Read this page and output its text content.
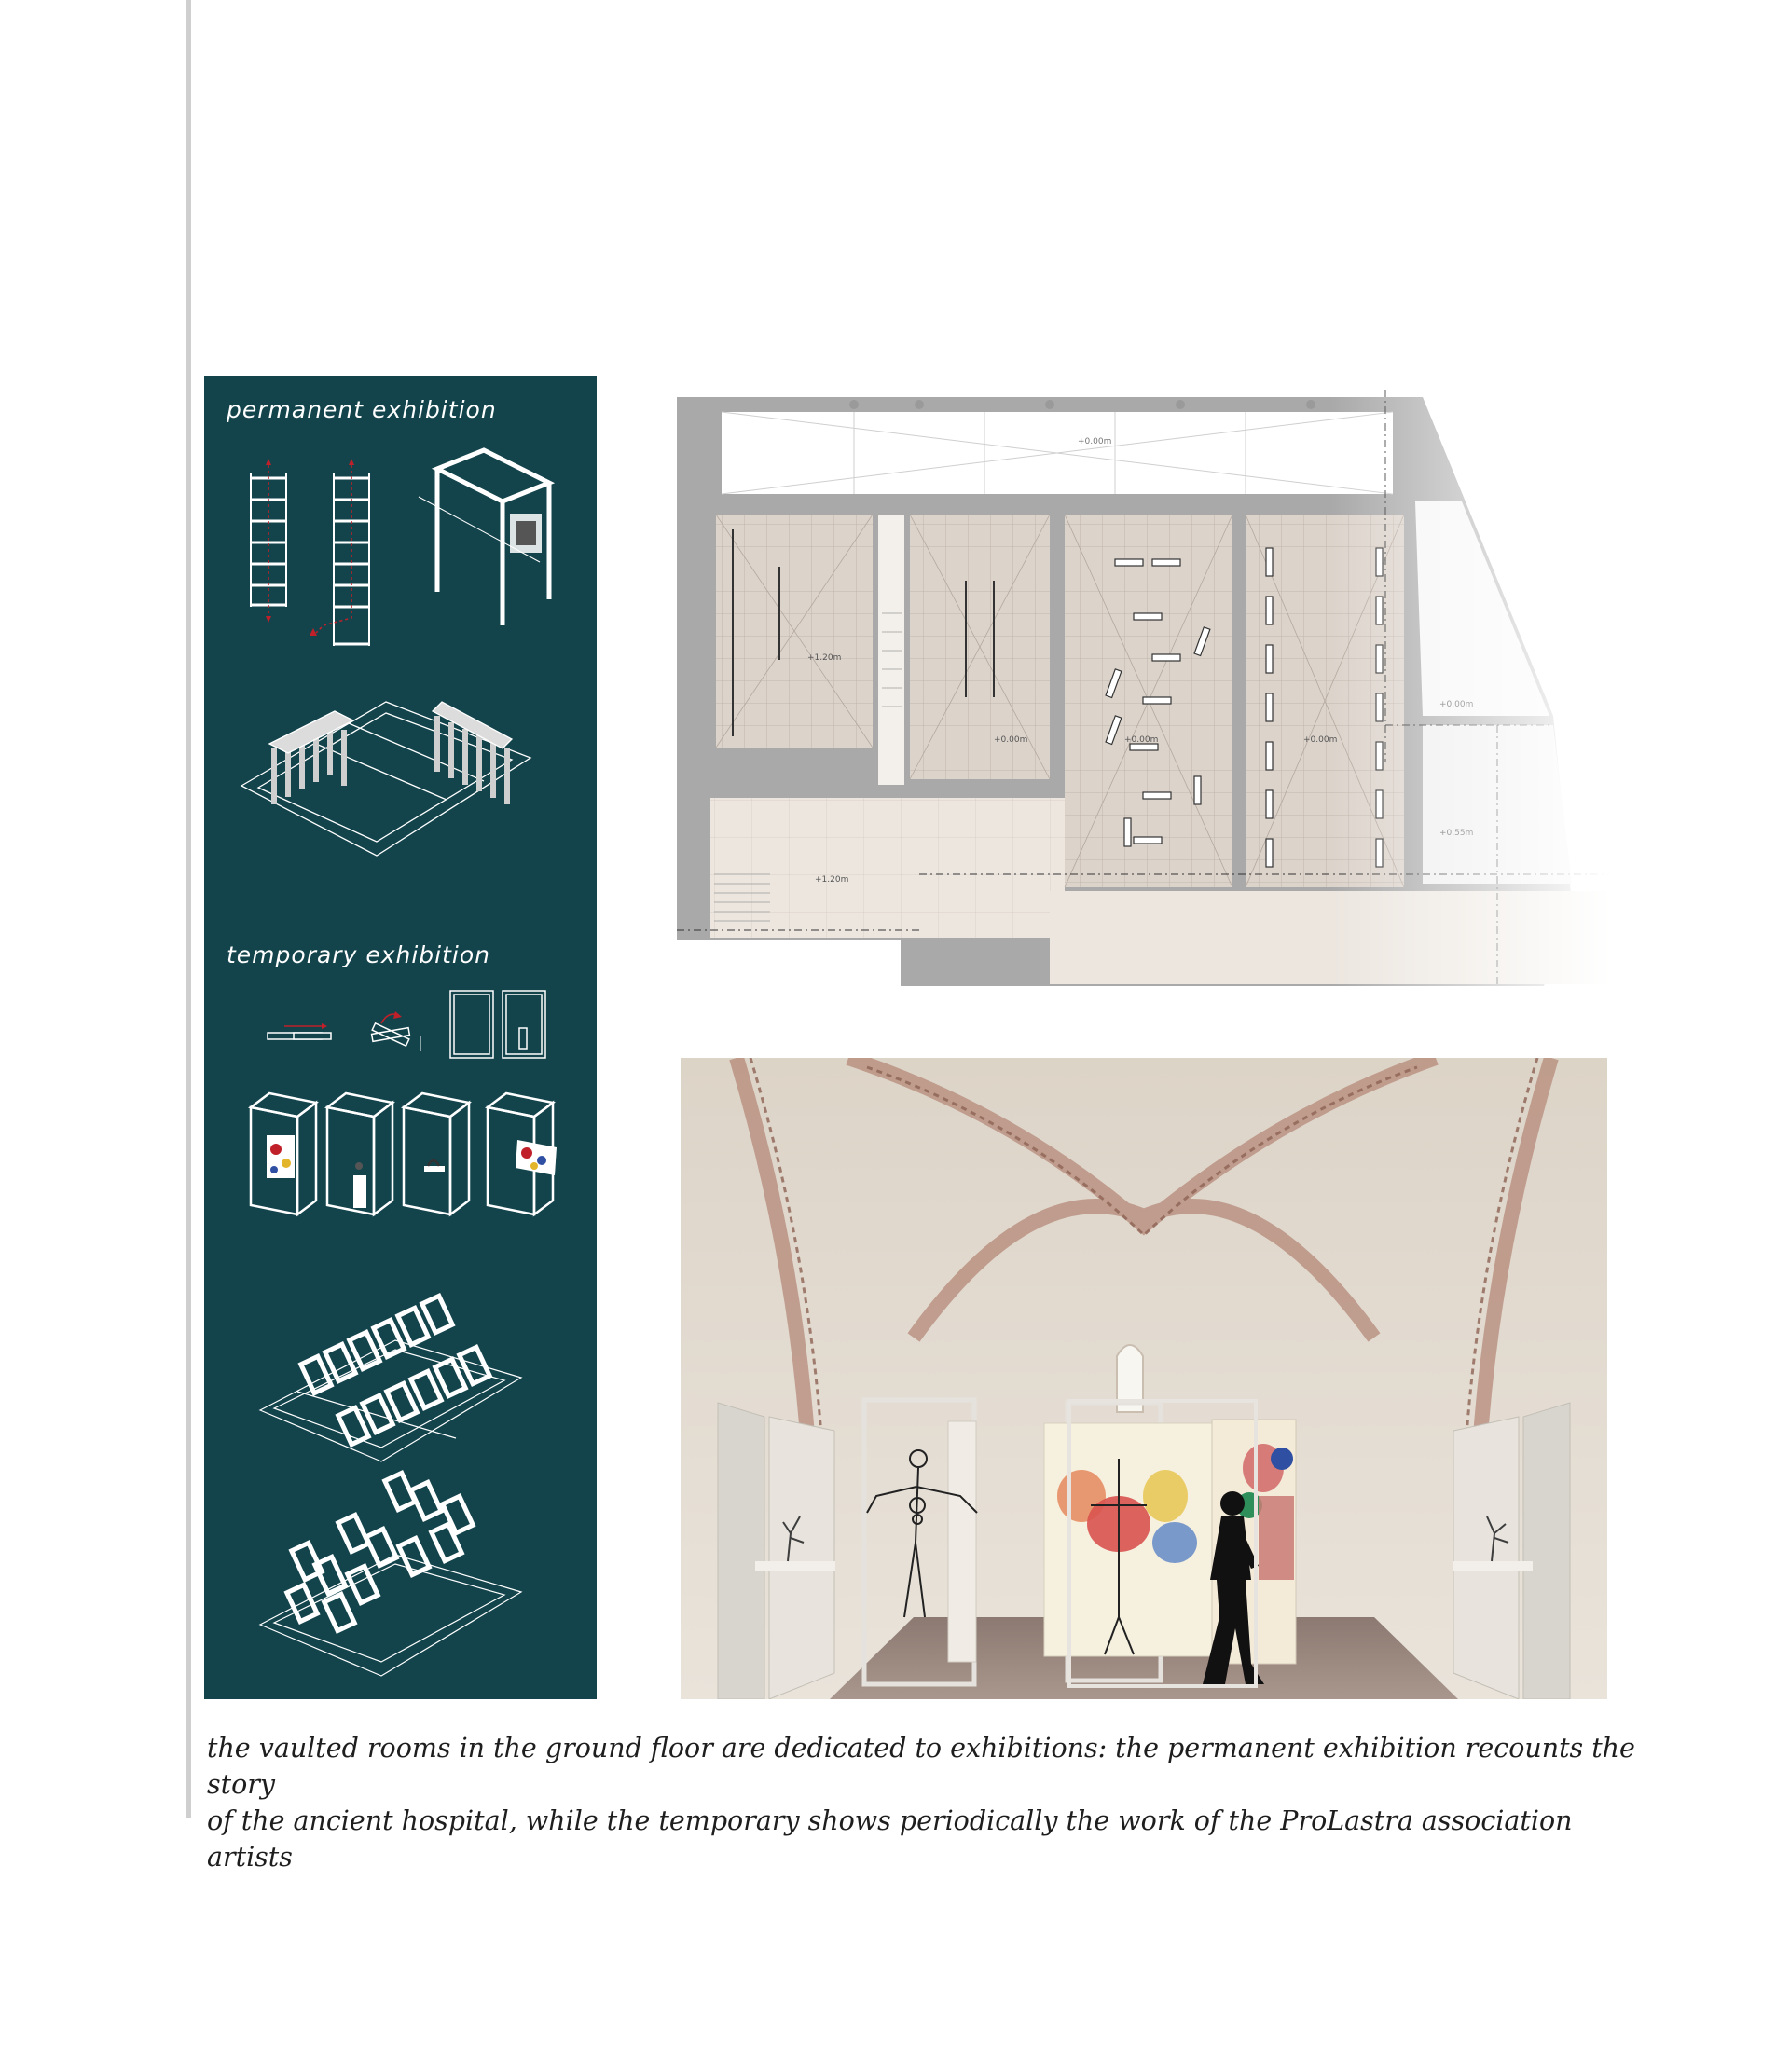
permanent exhibition
temporary exhibition

the vaulted rooms in the ground floor are dedicated to exhibitions: the permanent exhibition recounts the story
of the ancient hospital, while the temporary shows periodically the work of the ProLastra association artists
